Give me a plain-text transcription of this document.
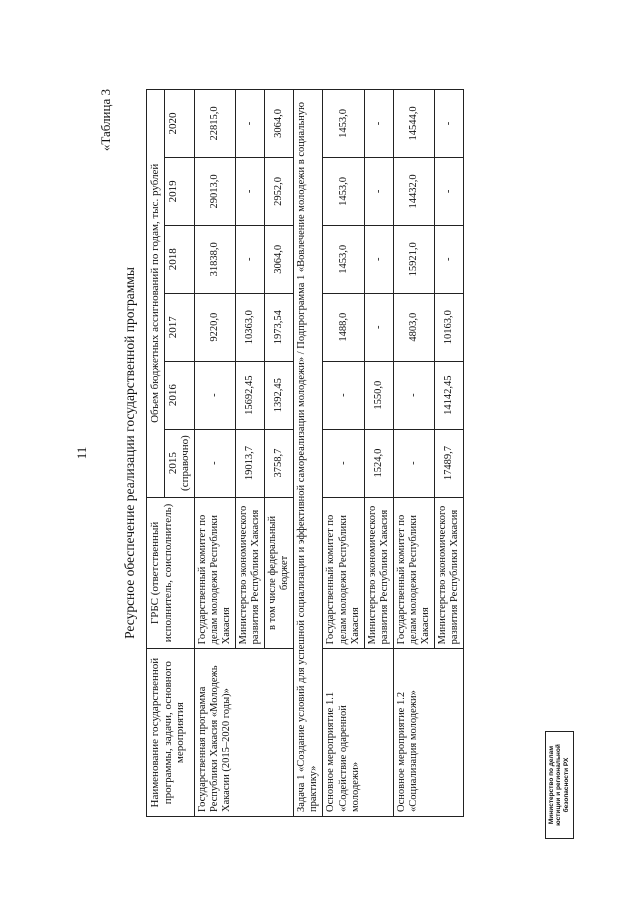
11
«Таблица 3
Ресурсное обеспечение реализации государственной программы
Наименование государственной программы, задачи, основного мероприятия	ГРБС (ответственный исполнитель, соисполнитель)	Объем бюджетных ассигнований по годам, тыс. рублей					
		2015 (справочно)	2016	2017	2018	2019	2020
Государственная программа Республики Хакасия «Молодежь Хакасии (2015–2020 годы)»	Государственный комитет по делам молодежи Республики Хакасия	-	-	9220,0	31838,0	29013,0	22815,0
	Министерство экономического развития Республики Хакасия	19013,7	15692,45	10363,0	-	-	-
	в том числе федеральный бюджет	3758,7	1392,45	1973,54	3064,0	2952,0	3064,0
Задача 1 «Создание условий для успешной социализации и эффективной самореализации молодежи» / Подпрограмма 1 «Вовлечение молодежи в социальную практику»							
Основное мероприятие 1.1 «Содействие одаренной молодежи»	Государственный комитет по делам молодежи Республики Хакасия	-	-	1488,0	1453,0	1453,0	1453,0
	Министерство экономического развития Республики Хакасия	1524,0	1550,0	-	-	-	-
Основное мероприятие 1.2 «Социализация молодежи»	Государственный комитет по делам молодежи Республики Хакасия	-	-	4803,0	15921,0	14432,0	14544,0
	Министерство экономического развития Республики Хакасия	17489,7	14142,45	10163,0	-	-	-
Министерство по делам юстиции и региональной безопасности РХ
